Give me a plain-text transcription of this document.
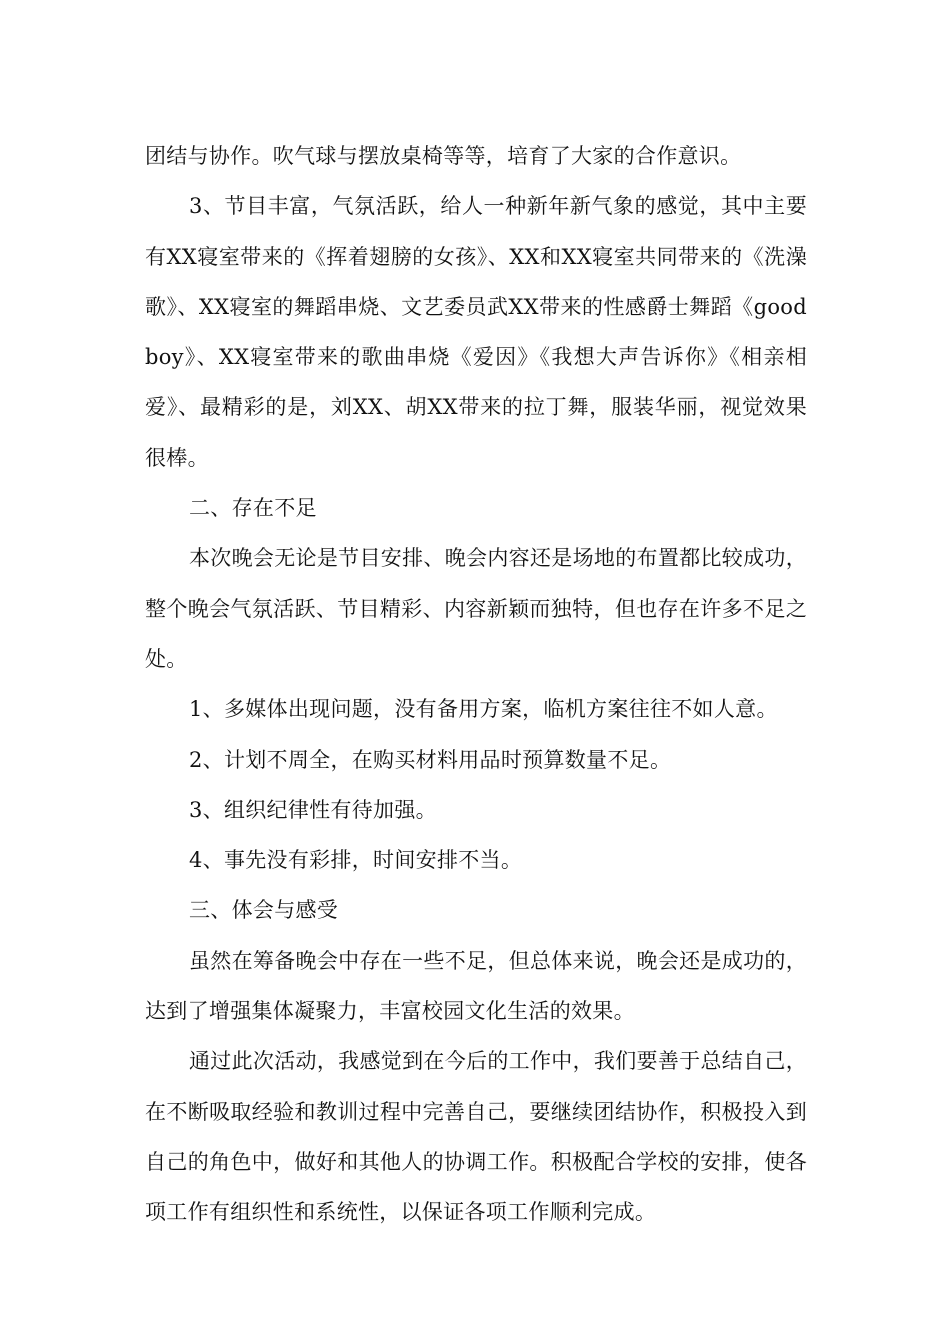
团结与协作。吹气球与摆放桌椅等等，培育了大家的合作意识。

3、节目丰富，气氛活跃，给人一种新年新气象的感觉，其中主要有XX寝室带来的《挥着翅膀的女孩》、XX和XX寝室共同带来的《洗澡歌》、XX寝室的舞蹈串烧、文艺委员武XX带来的性感爵士舞蹈《goodboy》、XX寝室带来的歌曲串烧《爱因》《我想大声告诉你》《相亲相爱》、最精彩的是，刘XX、胡XX带来的拉丁舞，服装华丽，视觉效果很棒。

二、存在不足

本次晚会无论是节目安排、晚会内容还是场地的布置都比较成功，整个晚会气氛活跃、节目精彩、内容新颖而独特，但也存在许多不足之处。

1、多媒体出现问题，没有备用方案，临机方案往往不如人意。

2、计划不周全，在购买材料用品时预算数量不足。

3、组织纪律性有待加强。

4、事先没有彩排，时间安排不当。

三、体会与感受

虽然在筹备晚会中存在一些不足，但总体来说，晚会还是成功的，达到了增强集体凝聚力，丰富校园文化生活的效果。

通过此次活动，我感觉到在今后的工作中，我们要善于总结自己，在不断吸取经验和教训过程中完善自己，要继续团结协作，积极投入到自己的角色中，做好和其他人的协调工作。积极配合学校的安排，使各项工作有组织性和系统性，以保证各项工作顺利完成。
